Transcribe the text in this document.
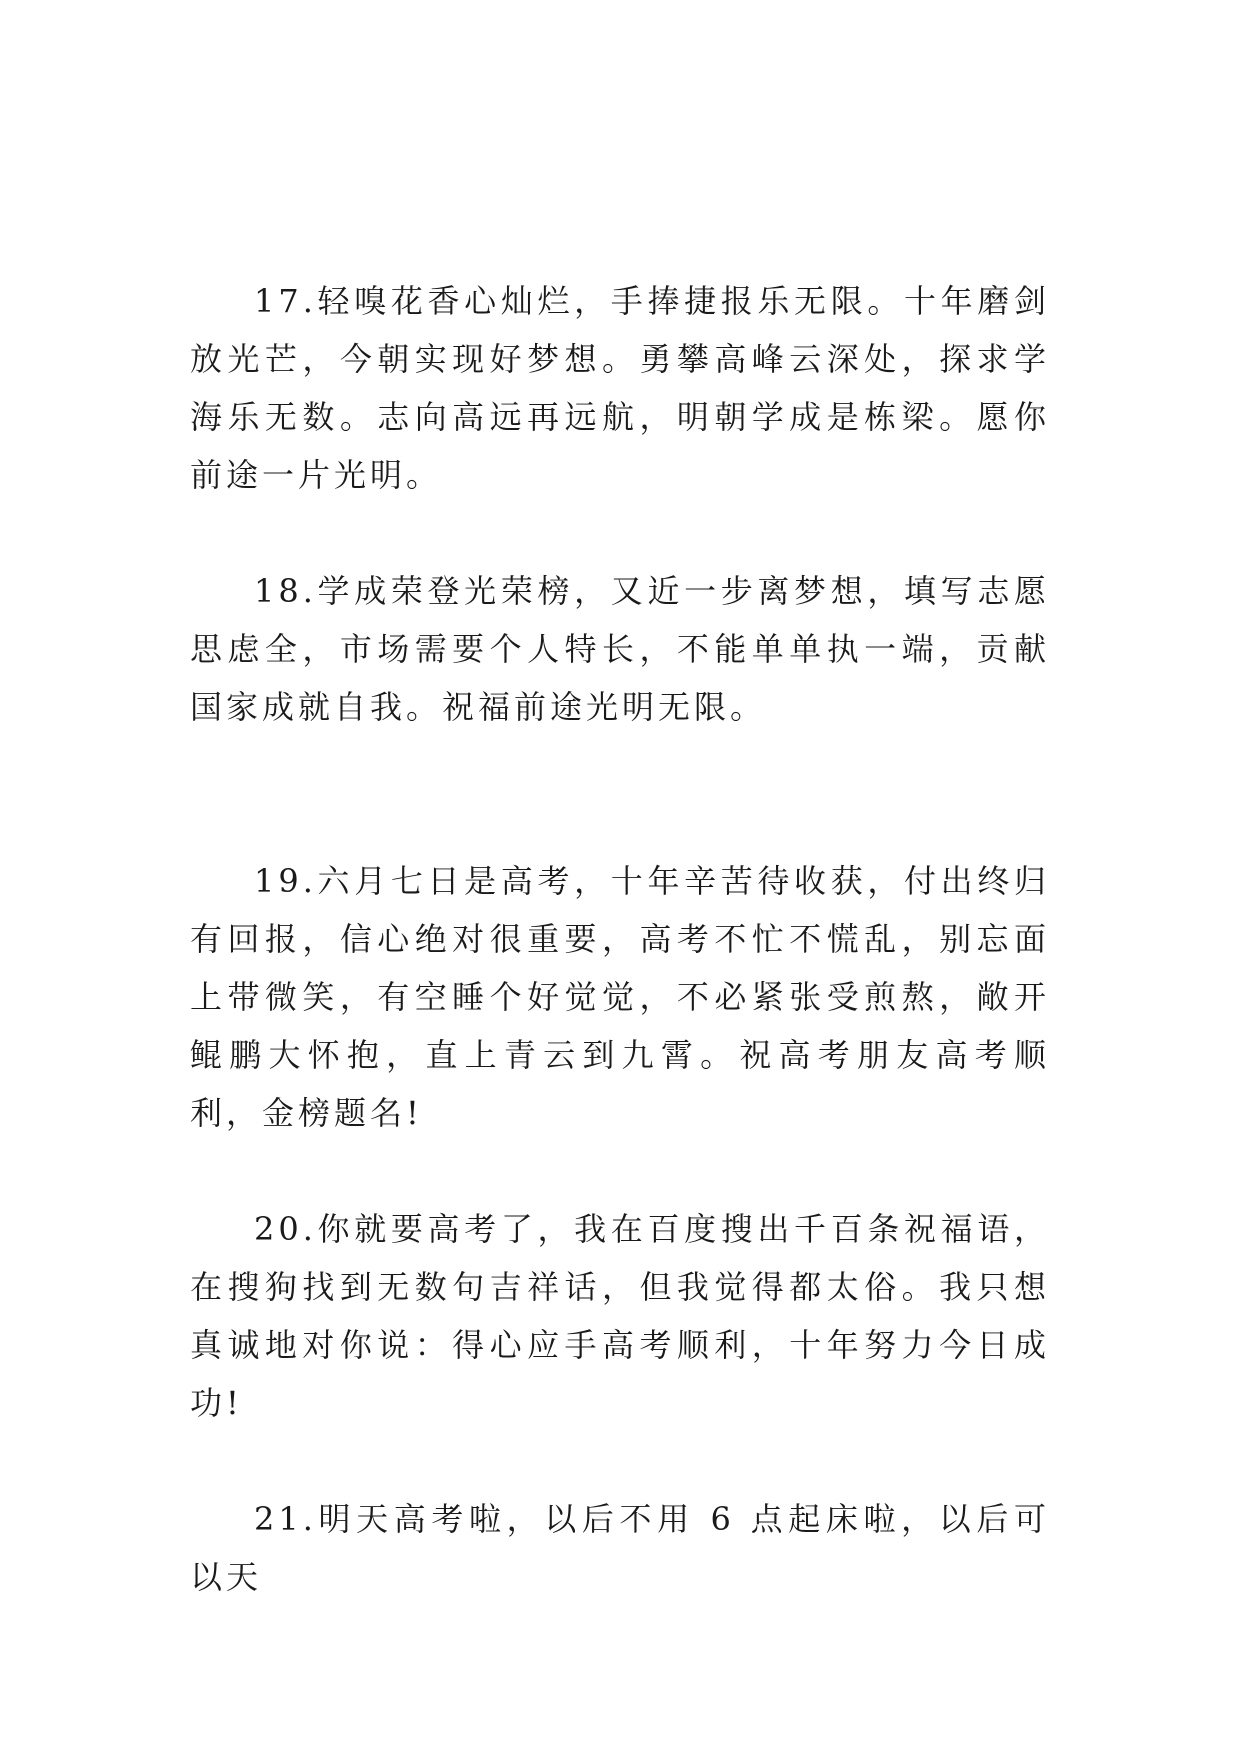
17.轻嗅花香心灿烂，手捧捷报乐无限。十年磨剑放光芒，今朝实现好梦想。勇攀高峰云深处，探求学海乐无数。志向高远再远航，明朝学成是栋梁。愿你前途一片光明。

18.学成荣登光荣榜，又近一步离梦想，填写志愿思虑全，市场需要个人特长，不能单单执一端，贡献国家成就自我。祝福前途光明无限。

19.六月七日是高考，十年辛苦待收获，付出终归有回报，信心绝对很重要，高考不忙不慌乱，别忘面上带微笑，有空睡个好觉觉，不必紧张受煎熬，敞开鲲鹏大怀抱，直上青云到九霄。祝高考朋友高考顺利，金榜题名!

20.你就要高考了，我在百度搜出千百条祝福语，在搜狗找到无数句吉祥话，但我觉得都太俗。我只想真诚地对你说：得心应手高考顺利，十年努力今日成功!

21.明天高考啦，以后不用 6 点起床啦，以后可以天
